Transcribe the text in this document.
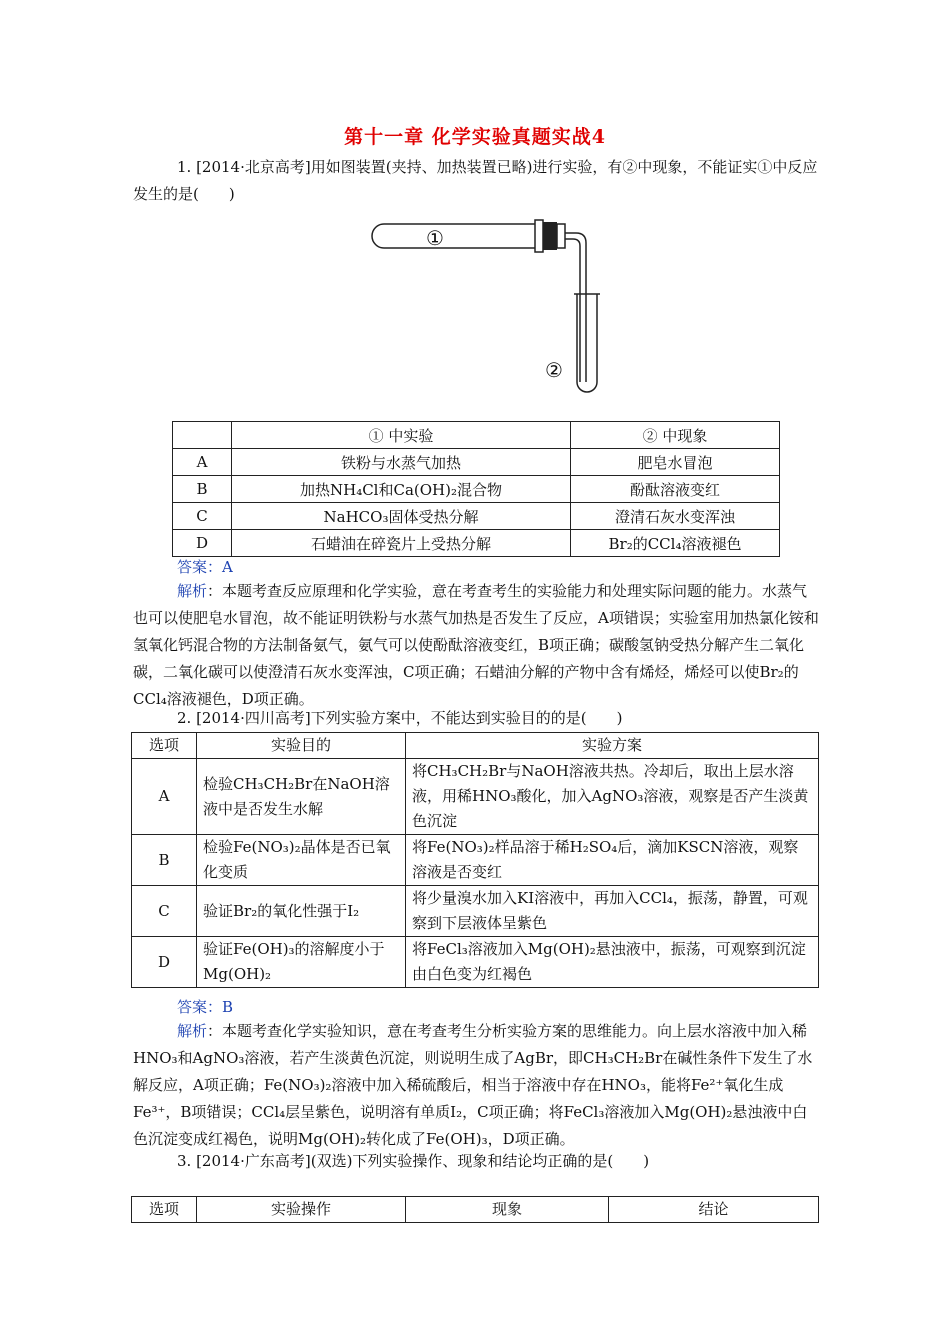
第十一章 化学实验真题实战4
1. [2014·北京高考]用如图装置(夹持、加热装置已略)进行实验，有②中现象，不能证实①中反应发生的是(　　)
①
②
	① 中实验	② 中现象
A	铁粉与水蒸气加热	肥皂水冒泡
B	加热NH₄Cl和Ca(OH)₂混合物	酚酞溶液变红
C	NaHCO₃固体受热分解	澄清石灰水变浑浊
D	石蜡油在碎瓷片上受热分解	Br₂的CCl₄溶液褪色
答案：A
解析：本题考查反应原理和化学实验，意在考查考生的实验能力和处理实际问题的能力。水蒸气也可以使肥皂水冒泡，故不能证明铁粉与水蒸气加热是否发生了反应，A项错误；实验室用加热氯化铵和氢氧化钙混合物的方法制备氨气，氨气可以使酚酞溶液变红，B项正确；碳酸氢钠受热分解产生二氧化碳，二氧化碳可以使澄清石灰水变浑浊，C项正确；石蜡油分解的产物中含有烯烃，烯烃可以使Br₂的CCl₄溶液褪色，D项正确。
2. [2014·四川高考]下列实验方案中，不能达到实验目的的是(　　)
选项	实验目的	实验方案
A	检验CH₃CH₂Br在NaOH溶液中是否发生水解	将CH₃CH₂Br与NaOH溶液共热。冷却后，取出上层水溶液，用稀HNO₃酸化，加入AgNO₃溶液，观察是否产生淡黄色沉淀
B	检验Fe(NO₃)₂晶体是否已氧化变质	将Fe(NO₃)₂样品溶于稀H₂SO₄后，滴加KSCN溶液，观察溶液是否变红
C	验证Br₂的氧化性强于I₂	将少量溴水加入KI溶液中，再加入CCl₄，振荡，静置，可观察到下层液体呈紫色
D	验证Fe(OH)₃的溶解度小于Mg(OH)₂	将FeCl₃溶液加入Mg(OH)₂悬浊液中，振荡，可观察到沉淀由白色变为红褐色
答案：B
解析：本题考查化学实验知识，意在考查考生分析实验方案的思维能力。向上层水溶液中加入稀HNO₃和AgNO₃溶液，若产生淡黄色沉淀，则说明生成了AgBr，即CH₃CH₂Br在碱性条件下发生了水解反应，A项正确；Fe(NO₃)₂溶液中加入稀硫酸后，相当于溶液中存在HNO₃，能将Fe²⁺氧化生成Fe³⁺，B项错误；CCl₄层呈紫色，说明溶有单质I₂，C项正确；将FeCl₃溶液加入Mg(OH)₂悬浊液中白色沉淀变成红褐色，说明Mg(OH)₂转化成了Fe(OH)₃，D项正确。
3. [2014·广东高考](双选)下列实验操作、现象和结论均正确的是(　　)
选项	实验操作	现象	结论
